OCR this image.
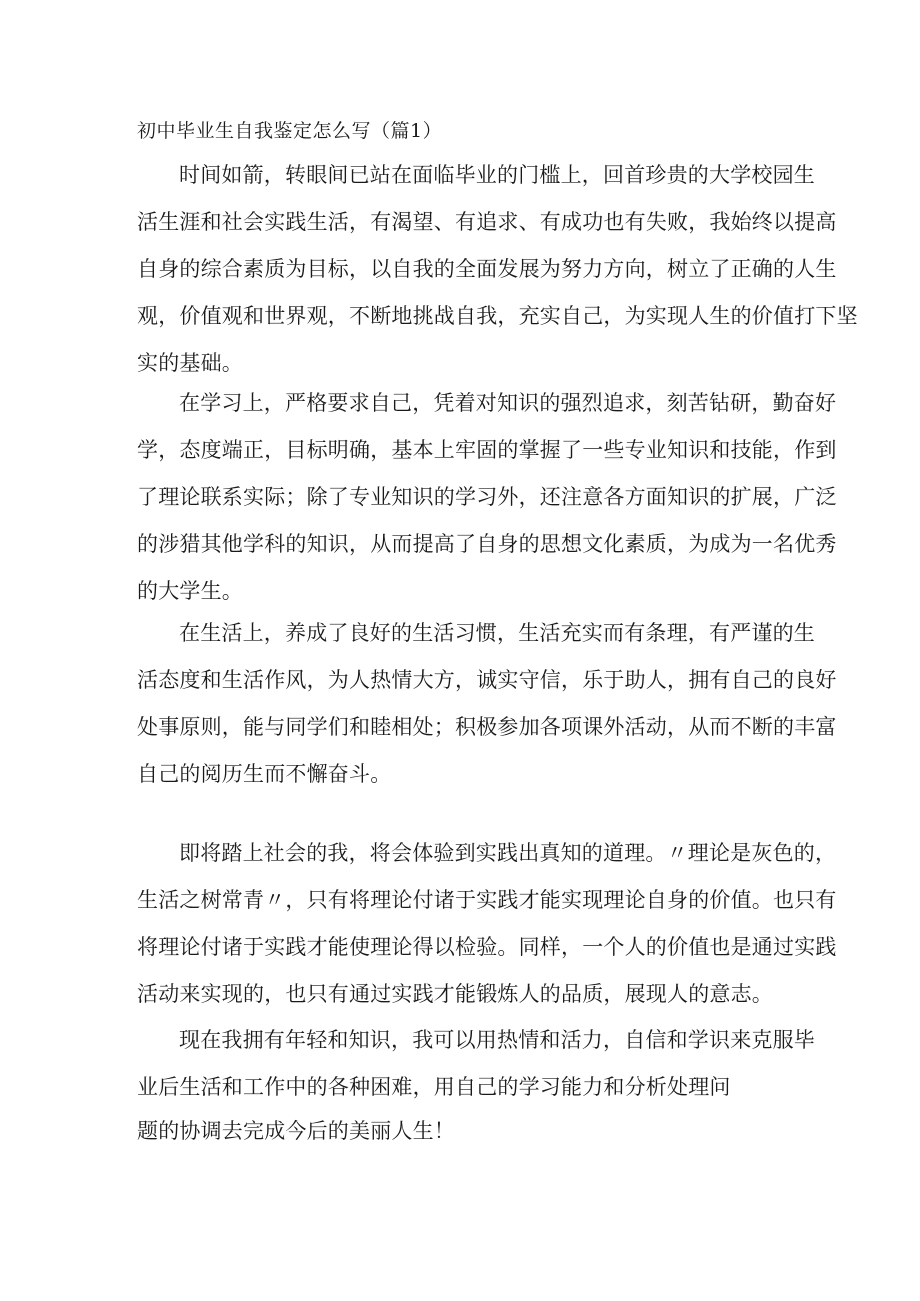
初中毕业生自我鉴定怎么写（篇1）
时间如箭，转眼间已站在面临毕业的门槛上，回首珍贵的大学校园生
活生涯和社会实践生活，有渴望、有追求、有成功也有失败，我始终以提高
自身的综合素质为目标，以自我的全面发展为努力方向，树立了正确的人生
观，价值观和世界观，不断地挑战自我，充实自己，为实现人生的价值打下坚
实的基础。
在学习上，严格要求自己，凭着对知识的强烈追求，刻苦钻研，勤奋好
学，态度端正，目标明确，基本上牢固的掌握了一些专业知识和技能，作到
了理论联系实际；除了专业知识的学习外，还注意各方面知识的扩展，广泛
的涉猎其他学科的知识，从而提高了自身的思想文化素质，为成为一名优秀
的大学生。
在生活上，养成了良好的生活习惯，生活充实而有条理，有严谨的生
活态度和生活作风，为人热情大方，诚实守信，乐于助人，拥有自己的良好
处事原则，能与同学们和睦相处；积极参加各项课外活动，从而不断的丰富
自己的阅历生而不懈奋斗。
即将踏上社会的我，将会体验到实践出真知的道理。〃理论是灰色的，
生活之树常青〃，只有将理论付诸于实践才能实现理论自身的价值。也只有
将理论付诸于实践才能使理论得以检验。同样，一个人的价值也是通过实践
活动来实现的，也只有通过实践才能锻炼人的品质，展现人的意志。
现在我拥有年轻和知识，我可以用热情和活力，自信和学识来克服毕
业后生活和工作中的各种困难，用自己的学习能力和分析处理问
题的协调去完成今后的美丽人生！
